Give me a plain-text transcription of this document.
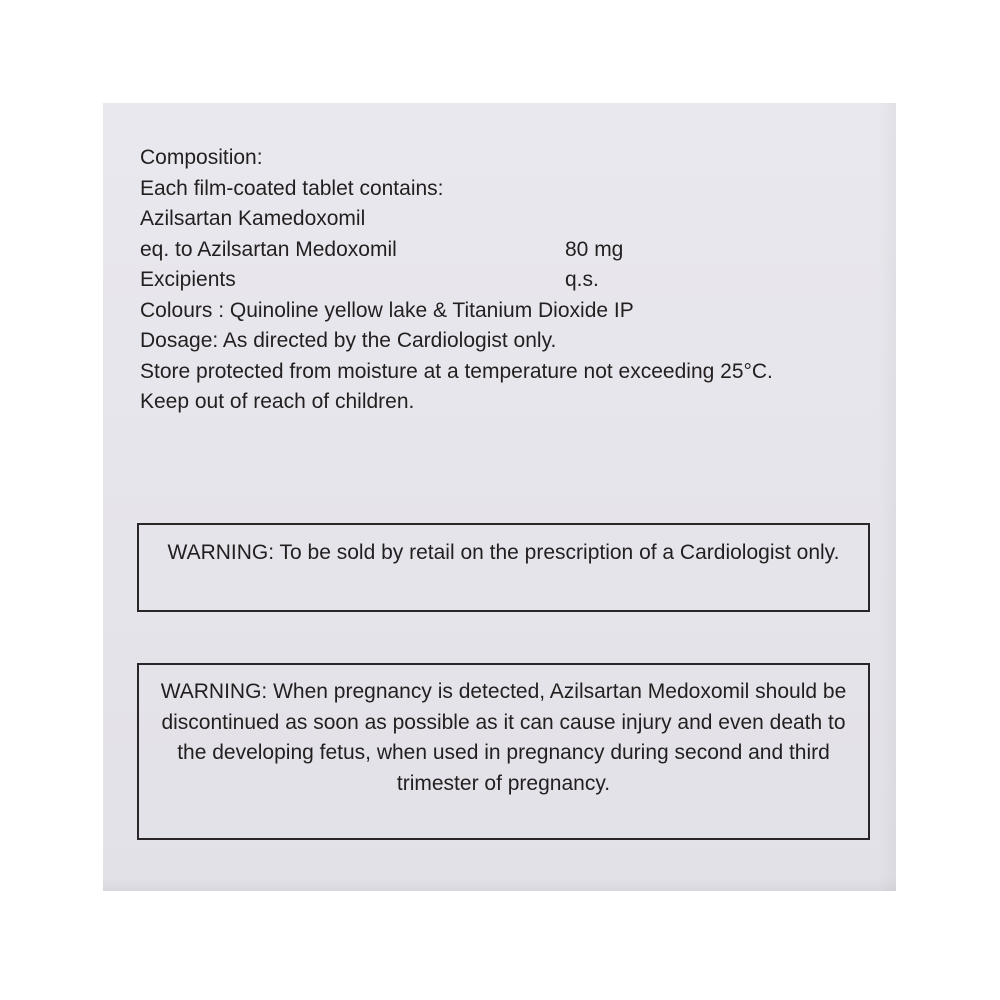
Composition:
Each film-coated tablet contains:
Azilsartan Kamedoxomil
eq. to Azilsartan Medoxomil	80 mg
Excipients	q.s.
Colours : Quinoline yellow lake & Titanium Dioxide IP
Dosage: As directed by the Cardiologist only.
Store protected from moisture at a temperature not exceeding 25°C.
Keep out of reach of children.
WARNING: To be sold by retail on the prescription of a Cardiologist only.
WARNING: When pregnancy is detected, Azilsartan Medoxomil should be discontinued as soon as possible as it can cause injury and even death to the developing fetus, when used in pregnancy during second and third trimester of pregnancy.
